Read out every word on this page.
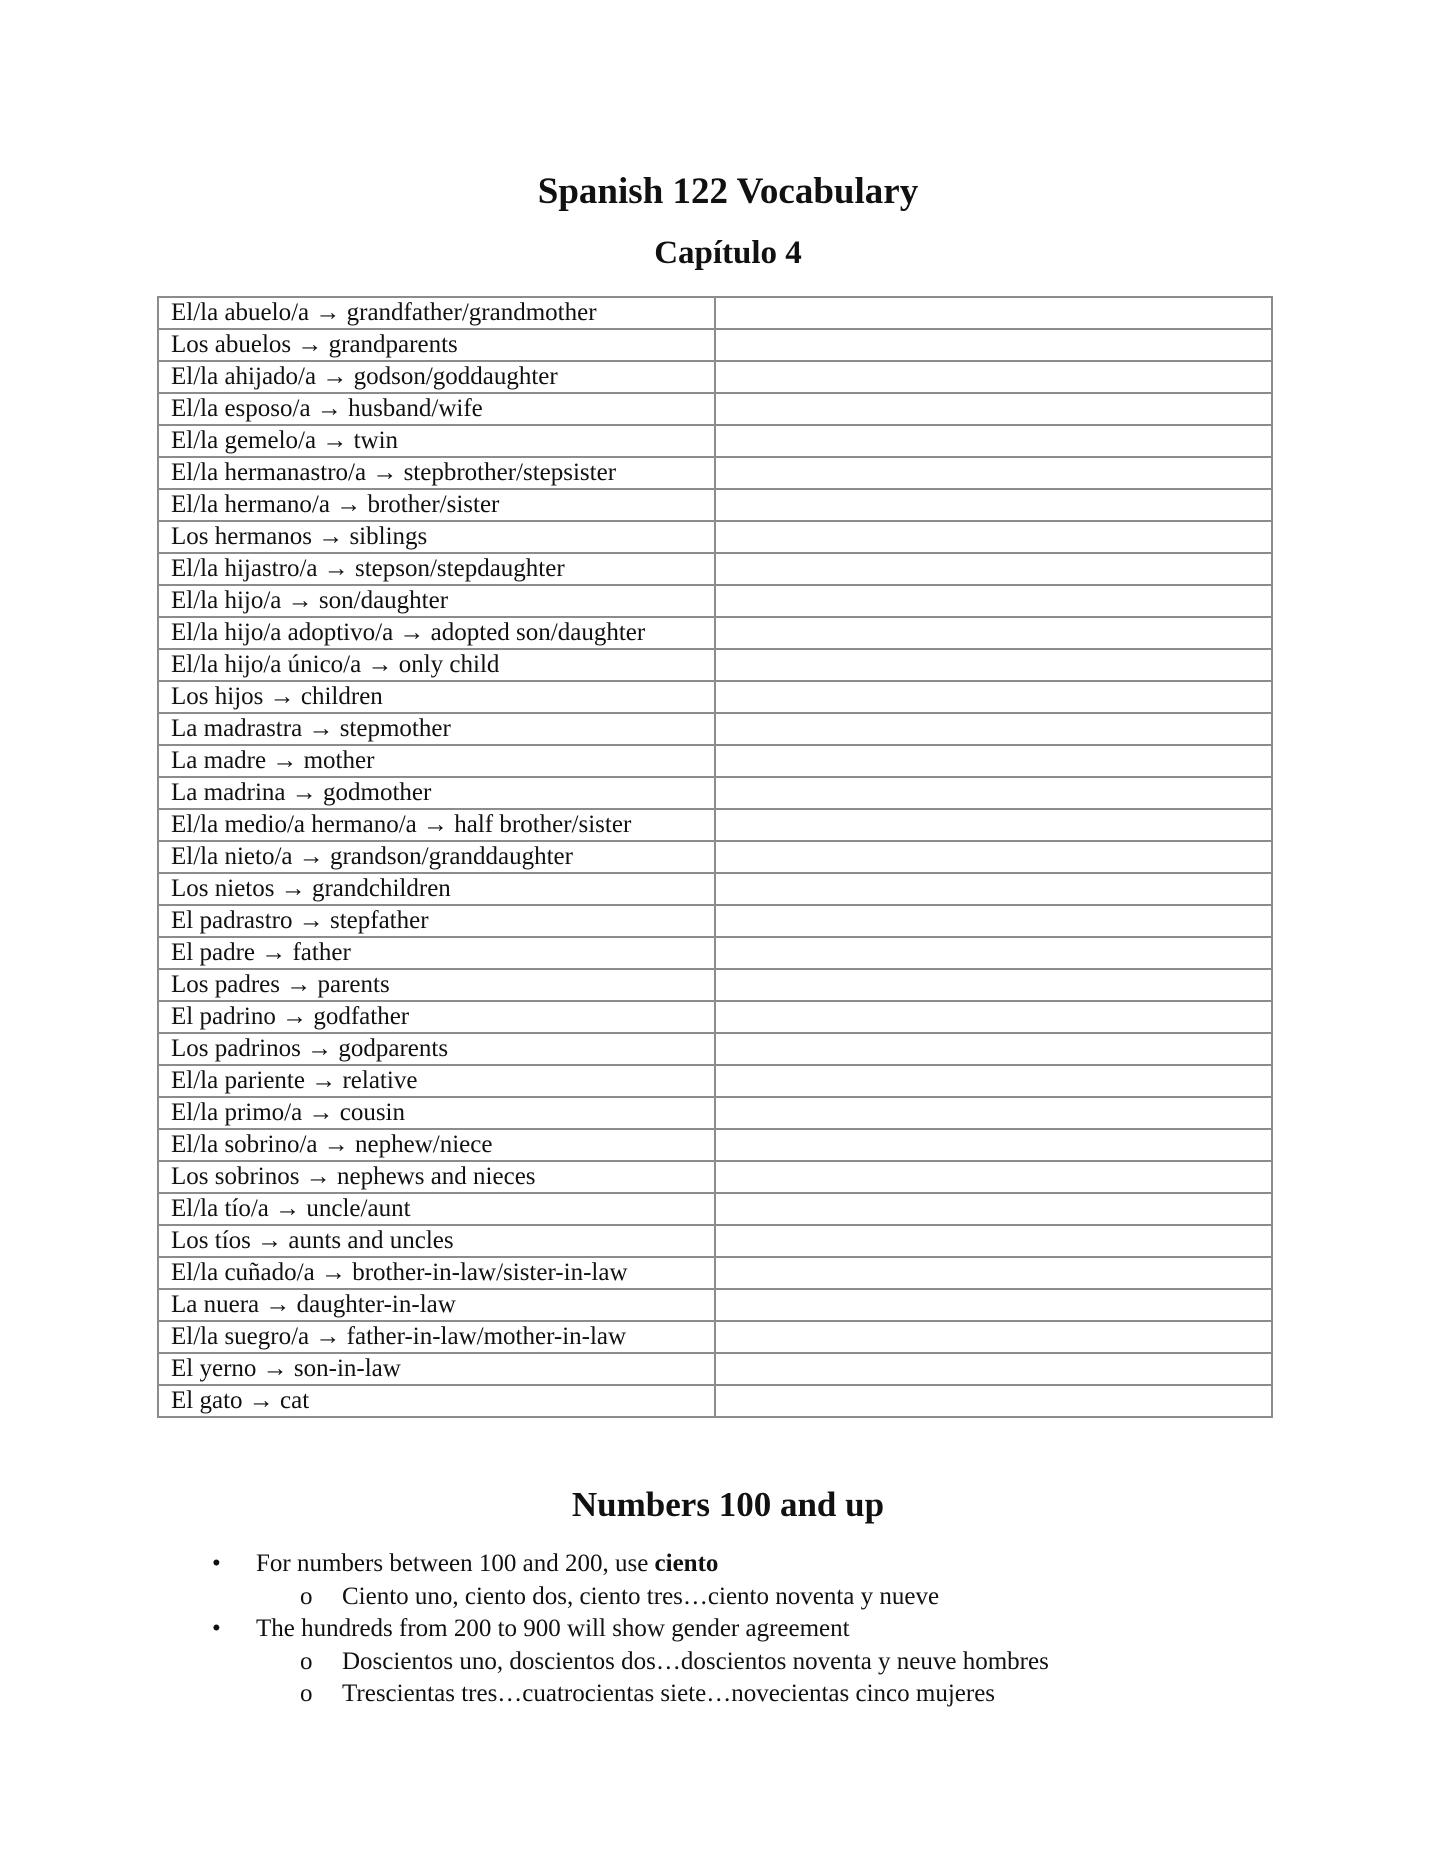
Spanish 122 Vocabulary
Capítulo 4
El/la abuelo/a → grandfather/grandmother	
Los abuelos → grandparents	
El/la ahijado/a → godson/goddaughter	
El/la esposo/a → husband/wife	
El/la gemelo/a → twin	
El/la hermanastro/a → stepbrother/stepsister	
El/la hermano/a → brother/sister	
Los hermanos → siblings	
El/la hijastro/a → stepson/stepdaughter	
El/la hijo/a → son/daughter	
El/la hijo/a adoptivo/a → adopted son/daughter	
El/la hijo/a único/a → only child	
Los hijos → children	
La madrastra → stepmother	
La madre → mother	
La madrina → godmother	
El/la medio/a hermano/a → half brother/sister	
El/la nieto/a → grandson/granddaughter	
Los nietos → grandchildren	
El padrastro → stepfather	
El padre → father	
Los padres → parents	
El padrino → godfather	
Los padrinos → godparents	
El/la pariente → relative	
El/la primo/a → cousin	
El/la sobrino/a → nephew/niece	
Los sobrinos → nephews and nieces	
El/la tío/a → uncle/aunt	
Los tíos → aunts and uncles	
El/la cuñado/a → brother-in-law/sister-in-law	
La nuera → daughter-in-law	
El/la suegro/a → father-in-law/mother-in-law	
El yerno → son-in-law	
El gato → cat	
Numbers 100 and up
• For numbers between 100 and 200, use ciento
o Ciento uno, ciento dos, ciento tres…ciento noventa y nueve
• The hundreds from 200 to 900 will show gender agreement
o Doscientos uno, doscientos dos…doscientos noventa y neuve hombres
o Trescientas tres…cuatrocientas siete…novecientas cinco mujeres
